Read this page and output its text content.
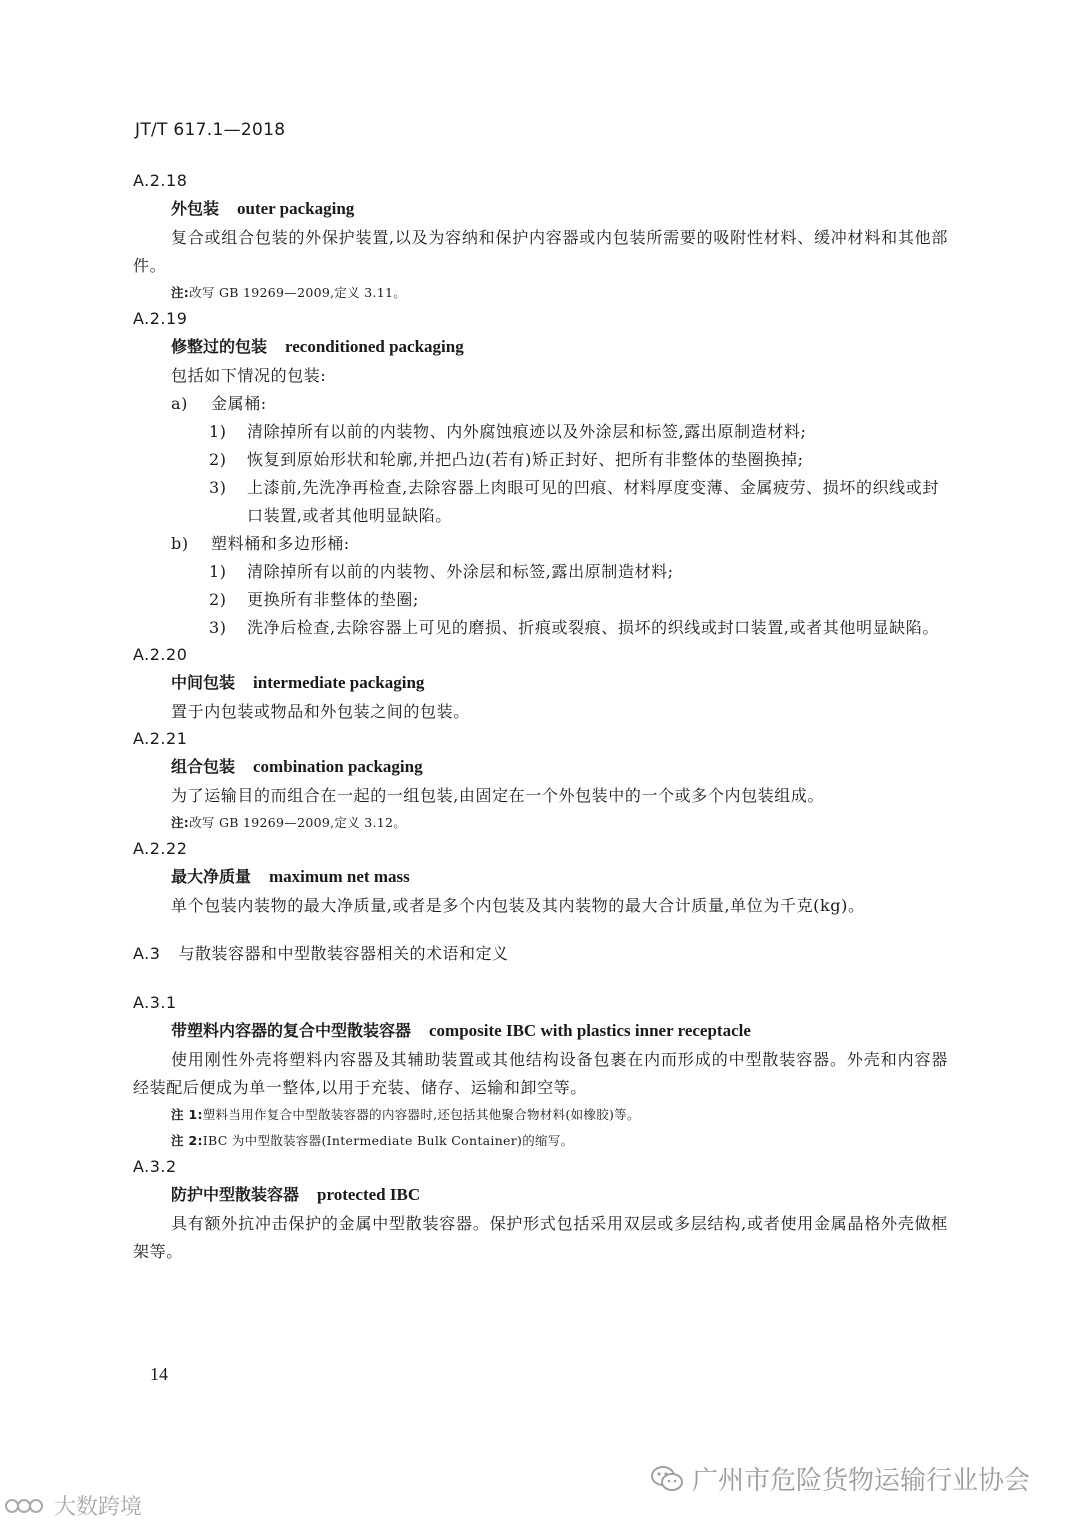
JT/T 617.1—2018
A.2.18
外包装 outer packaging
复合或组合包装的外保护装置,以及为容纳和保护内容器或内包装所需要的吸附性材料、缓冲材料和其他部件。
注:改写 GB 19269—2009,定义 3.11。
A.2.19
修整过的包装 reconditioned packaging
包括如下情况的包装:
a)	金属桶:
1)	清除掉所有以前的内装物、内外腐蚀痕迹以及外涂层和标签,露出原制造材料;
2)	恢复到原始形状和轮廓,并把凸边(若有)矫正封好、把所有非整体的垫圈换掉;
3)	上漆前,先洗净再检查,去除容器上肉眼可见的凹痕、材料厚度变薄、金属疲劳、损坏的织线或封口装置,或者其他明显缺陷。
b)	塑料桶和多边形桶:
1)	清除掉所有以前的内装物、外涂层和标签,露出原制造材料;
2)	更换所有非整体的垫圈;
3)	洗净后检查,去除容器上可见的磨损、折痕或裂痕、损坏的织线或封口装置,或者其他明显缺陷。
A.2.20
中间包装 intermediate packaging
置于内包装或物品和外包装之间的包装。
A.2.21
组合包装 combination packaging
为了运输目的而组合在一起的一组包装,由固定在一个外包装中的一个或多个内包装组成。
注:改写 GB 19269—2009,定义 3.12。
A.2.22
最大净质量 maximum net mass
单个包装内装物的最大净质量,或者是多个内包装及其内装物的最大合计质量,单位为千克(kg)。
A.3 与散装容器和中型散装容器相关的术语和定义
A.3.1
带塑料内容器的复合中型散装容器 composite IBC with plastics inner receptacle
使用刚性外壳将塑料内容器及其辅助装置或其他结构设备包裹在内而形成的中型散装容器。外壳和内容器经装配后便成为单一整体,以用于充装、储存、运输和卸空等。
注 1:塑料当用作复合中型散装容器的内容器时,还包括其他聚合物材料(如橡胶)等。
注 2:IBC 为中型散装容器(Intermediate Bulk Container)的缩写。
A.3.2
防护中型散装容器 protected IBC
具有额外抗冲击保护的金属中型散装容器。保护形式包括采用双层或多层结构,或者使用金属晶格外壳做框架等。
14
广州市危险货物运输行业协会
大数跨境
